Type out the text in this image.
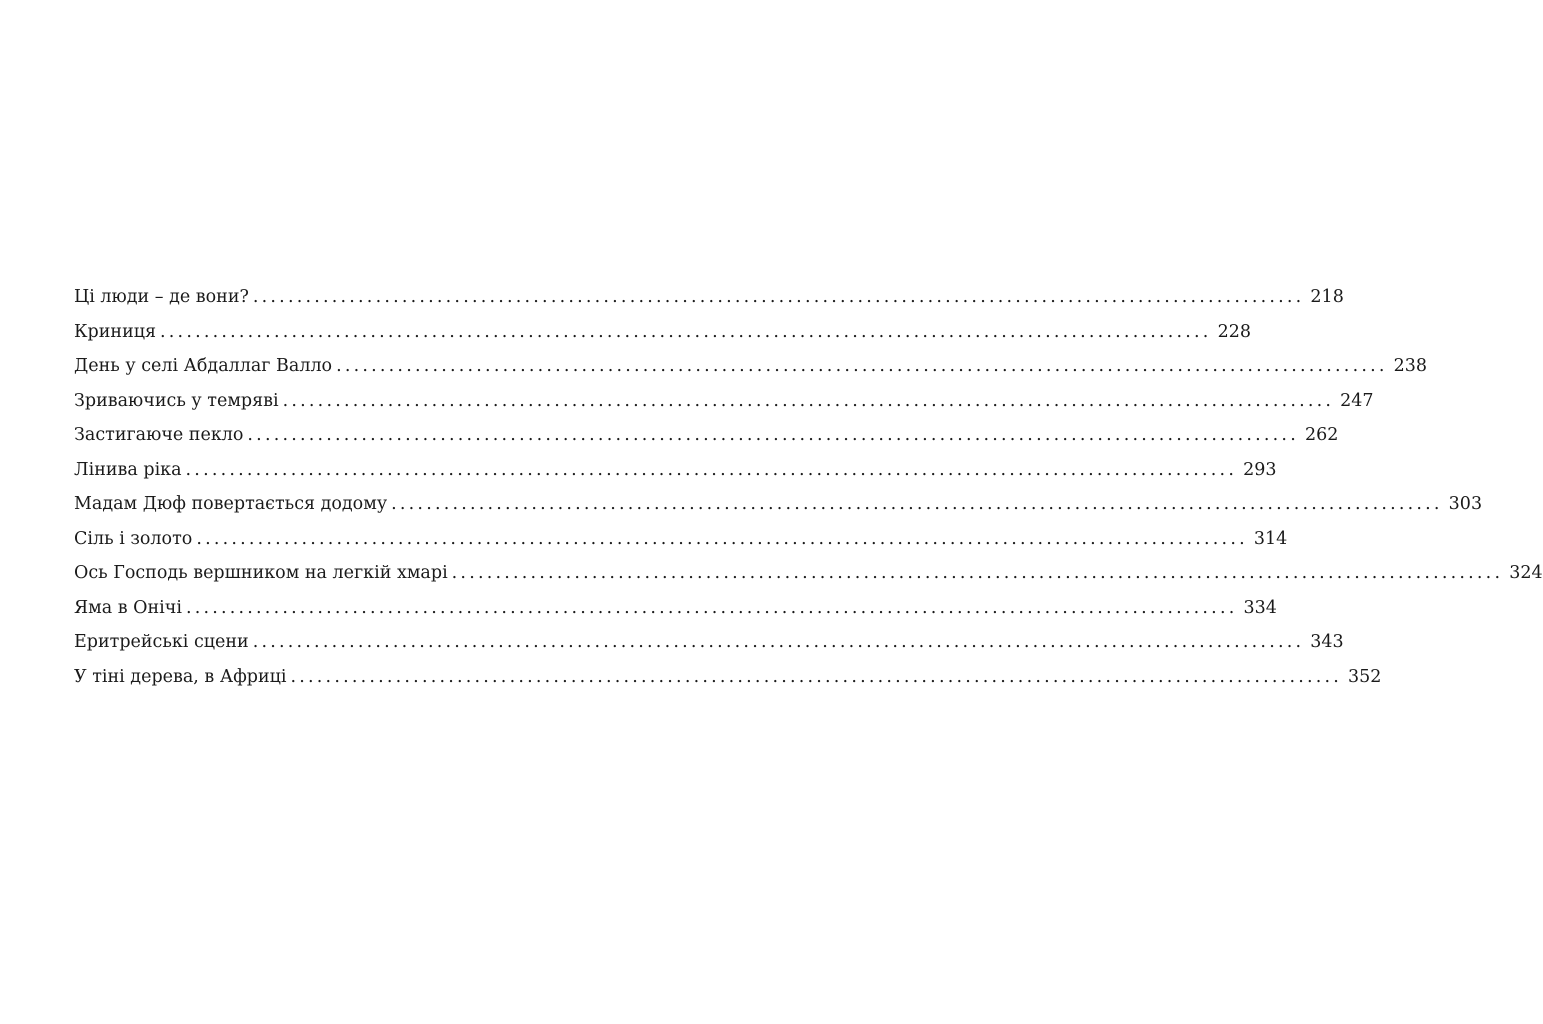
Ці люди – де вони? ........................................................................................................................ 218
Криниця ........................................................................................................................ 228
День у селі Абдаллаг Валло ........................................................................................................................ 238
Зриваючись у темряві ........................................................................................................................ 247
Застигаюче пекло ........................................................................................................................ 262
Лінива ріка ........................................................................................................................ 293
Мадам Дюф повертається додому ........................................................................................................................ 303
Сіль і золото ........................................................................................................................ 314
Ось Господь вершником на легкій хмарі ........................................................................................................................ 324
Яма в Онічі ........................................................................................................................ 334
Еритрейські сцени ........................................................................................................................ 343
У тіні дерева, в Африці ........................................................................................................................ 352
